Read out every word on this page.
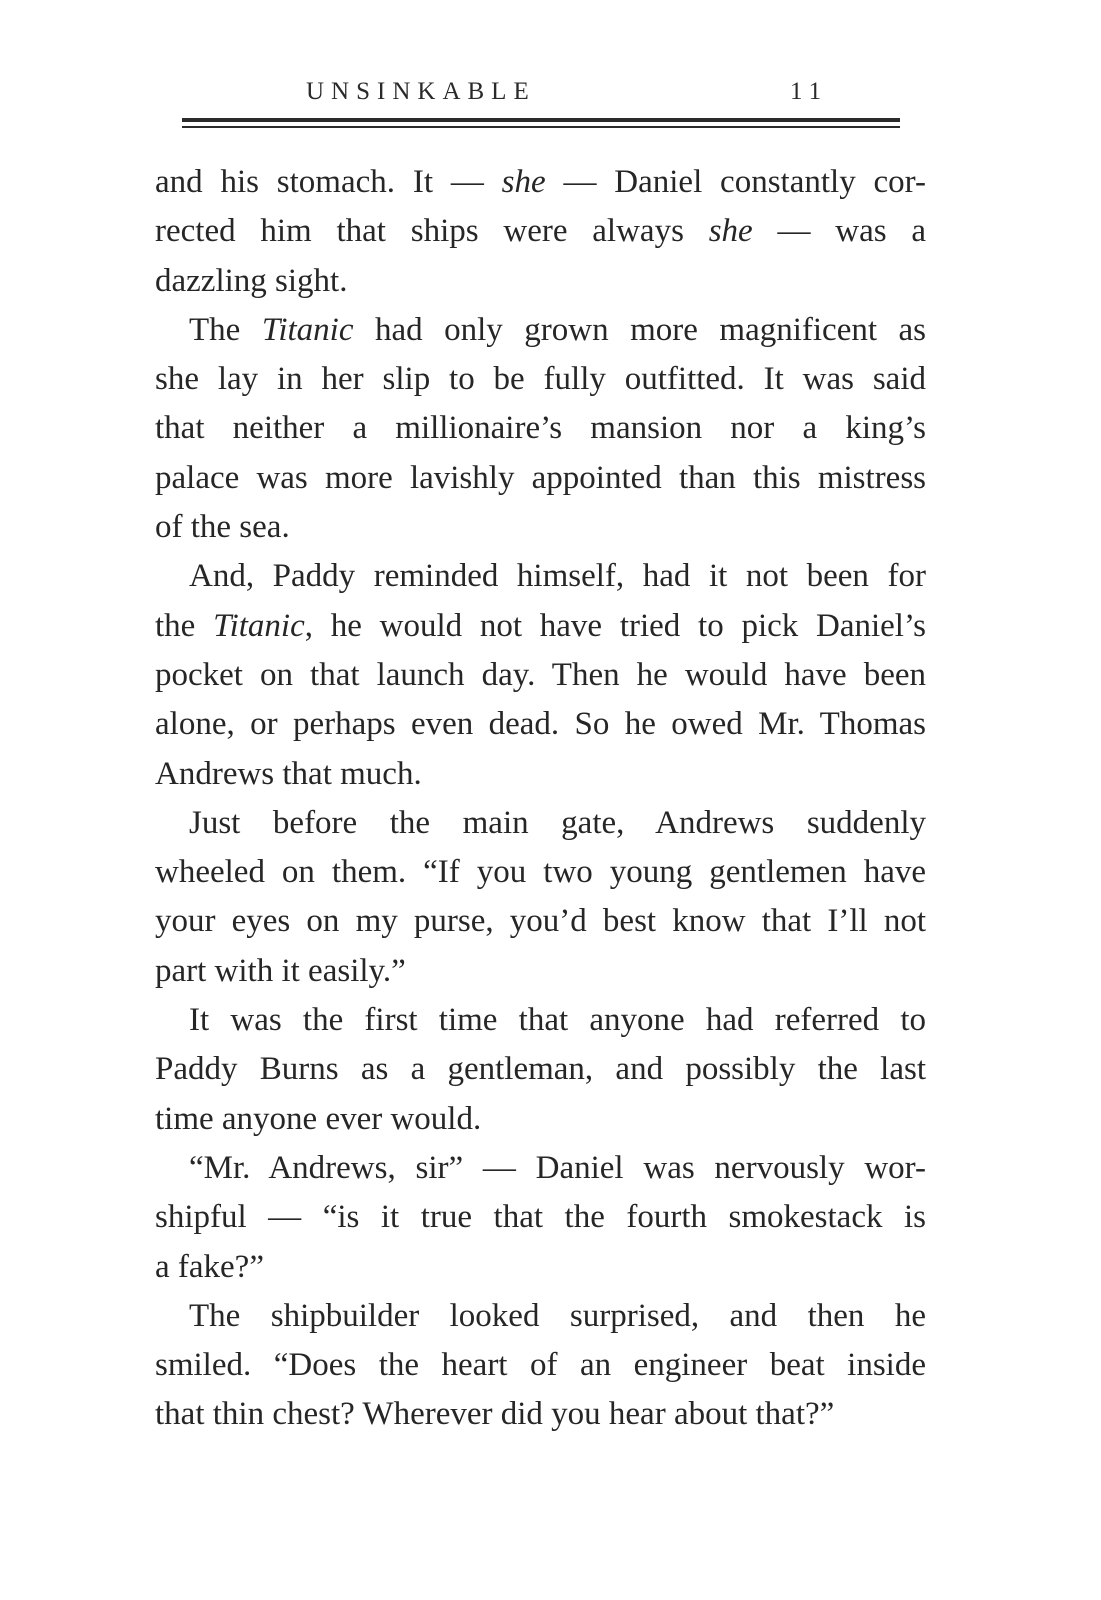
UNSINKABLE	11
and his stomach. It — she — Daniel constantly cor-
rected him that ships were always she — was a
dazzling sight.
The Titanic had only grown more magnificent as
she lay in her slip to be fully outfitted. It was said
that neither a millionaire’s mansion nor a king’s
palace was more lavishly appointed than this mistress
of the sea.
And, Paddy reminded himself, had it not been for
the Titanic, he would not have tried to pick Daniel’s
pocket on that launch day. Then he would have been
alone, or perhaps even dead. So he owed Mr. Thomas
Andrews that much.
Just before the main gate, Andrews suddenly
wheeled on them. “If you two young gentlemen have
your eyes on my purse, you’d best know that I’ll not
part with it easily.”
It was the first time that anyone had referred to
Paddy Burns as a gentleman, and possibly the last
time anyone ever would.
“Mr. Andrews, sir” — Daniel was nervously wor-
shipful — “is it true that the fourth smokestack is
a fake?”
The shipbuilder looked surprised, and then he
smiled. “Does the heart of an engineer beat inside
that thin chest? Wherever did you hear about that?”
